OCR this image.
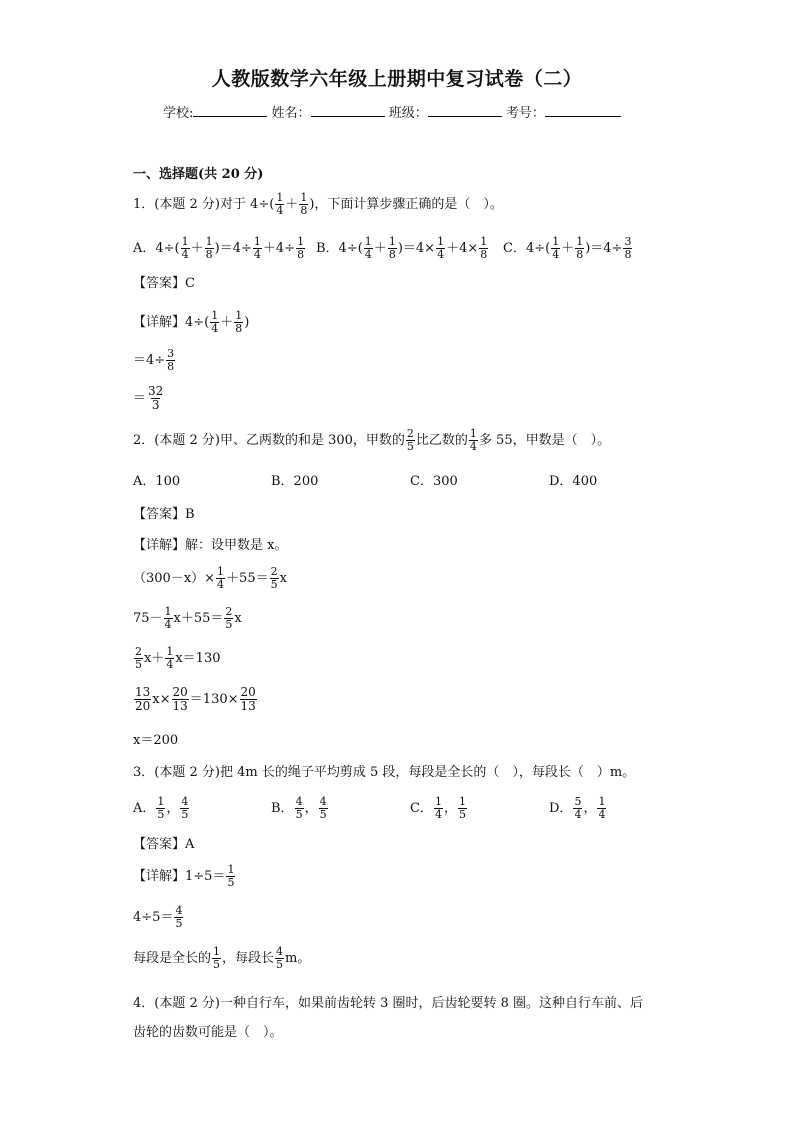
人教版数学六年级上册期中复习试卷（二）
学校:	姓名：	班级：	考号：
一、选择题(共 20 分)
1．(本题 2 分)对于 $4\div( \frac{1}{4} + \frac{1}{8}$ )，下面计算步骤正确的是（　）。
A．$4\div( \frac{1}{4} + \frac{1}{8} )=4\div \frac{1}{4} +4\div \frac{1}{8}$ B．$4\div( \frac{1}{4} + \frac{1}{8} )=4\times \frac{1}{4} +4\times \frac{1}{8}$ C．$4\div( \frac{1}{4} + \frac{1}{8} )=4\div \frac{3}{8}$
【答案】C
【详解】$4\div( \frac{1}{4} + \frac{1}{8}$ )
$=4\div \frac{3}{8}$
＝ $\frac{32}{3}$
2．(本题 2 分)甲、乙两数的和是 300，甲数的 $\frac{2}{5}$ 比乙数的 $\frac{1}{4}$ 多 55，甲数是（　）。
A．100	B．200	C．300	D．400
【答案】B
【详解】解：设甲数是 x。
$(300-x)\times \frac{1}{4} +55= \frac{2}{5}$ x
$75- \frac{1}{4} x+55= \frac{2}{5}$ x
$\frac{2}{5} x+ \frac{1}{4} x=130$
$\frac{13}{20} x\times \frac{20}{13} =130\times \frac{20}{13}$
x＝200
3．(本题 2 分)把 4m 长的绳子平均剪成 5 段，每段是全长的（　），每段长（　）m。
A． $\frac{1}{5}$ ， $\frac{4}{5}$	B． $\frac{4}{5}$ ， $\frac{4}{5}$	C． $\frac{1}{4}$ ， $\frac{1}{5}$	D． $\frac{5}{4}$ ， $\frac{1}{4}$
【答案】A
【详解】$1\div 5= \frac{1}{5}$
$4\div 5= \frac{4}{5}$
每段是全长的 $\frac{1}{5}$ ，每段长 $\frac{4}{5}$ m。
4．(本题 2 分)一种自行车，如果前齿轮转 3 圈时，后齿轮要转 8 圈。这种自行车前、后
齿轮的齿数可能是（　）。
